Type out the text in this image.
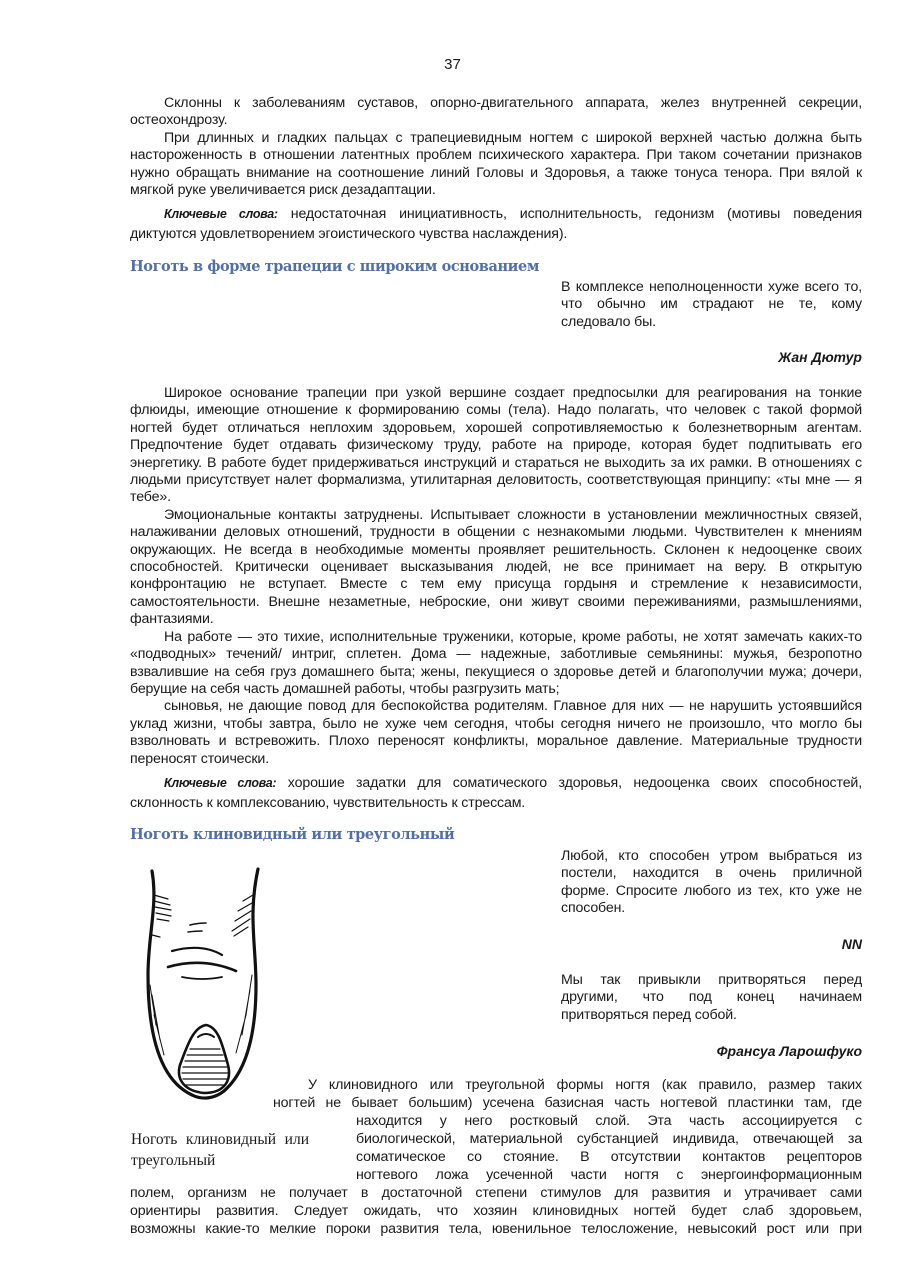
37

Склонны к заболеваниям суставов, опорно-двигательного аппарата, желез внутренней секреции, остеохондрозу.

При длинных и гладких пальцах с трапециевидным ногтем с широкой верхней частью должна быть настороженность в отношении латентных проблем психического характера. При таком сочетании признаков нужно обращать внимание на соотношение линий Головы и Здоровья, а также тонуса тенора. При вялой к мягкой руке увеличивается риск дезадаптации.

Ключевые слова: недостаточная инициативность, исполнительность, гедонизм (мотивы поведения диктуются удовлетворением эгоистического чувства наслаждения).

Ноготь в форме трапеции с широким основанием

В комплексе неполноценности хуже всего то, что обычно им страдают не те, кому следовало бы.

Жан Дютур

Широкое основание трапеции при узкой вершине создает предпосылки для реагирования на тонкие флюиды, имеющие отношение к формированию сомы (тела). Надо полагать, что человек с такой формой ногтей будет отличаться неплохим здоровьем, хорошей сопротивляемостью к болезнетворным агентам. Предпочтение будет отдавать физическому труду, работе на природе, которая будет подпитывать его энергетику. В работе будет придерживаться инструкций и стараться не выходить за их рамки. В отношениях с людьми присутствует налет формализма, утилитарная деловитость, соответствующая принципу: «ты мне — я тебе».

Эмоциональные контакты затруднены. Испытывает сложности в установлении межличностных связей, налаживании деловых отношений, трудности в общении с незнакомыми людьми. Чувствителен к мнениям окружающих. Не всегда в необходимые моменты проявляет решительность. Склонен к недооценке своих способностей. Критически оценивает высказывания людей, не все принимает на веру. В открытую конфронтацию не вступает. Вместе с тем ему присуща гордыня и стремление к независимости, самостоятельности. Внешне незаметные, неброские, они живут своими переживаниями, размышлениями, фантазиями.

На работе — это тихие, исполнительные труженики, которые, кроме работы, не хотят замечать каких-то «подводных» течений/ интриг, сплетен. Дома — надежные, заботливые семьянины: мужья, безропотно взвалившие на себя груз домашнего быта; жены, пекущиеся о здоровье детей и благополучии мужа; дочери, берущие на себя часть домашней работы, чтобы разгрузить мать;

сыновья, не дающие повод для беспокойства родителям. Главное для них — не нарушить устоявшийся уклад жизни, чтобы завтра, было не хуже чем сегодня, чтобы сегодня ничего не произошло, что могло бы взволновать и встревожить. Плохо переносят конфликты, моральное давление. Материальные трудности переносят стоически.

Ключевые слова: хорошие задатки для соматического здоровья, недооценка своих способностей, склонность к комплексованию, чувствительность к стрессам.

Ноготь клиновидный или треугольный

Любой, кто способен утром выбраться из постели, находится в очень приличной форме. Спросите любого из тех, кто уже не способен.

NN

Мы так привыкли притворяться перед другими, что под конец начинаем притворяться перед собой.

Франсуа Ларошфуко
Ноготь клиновидный или треугольный
У клиновидного или треугольной формы ногтя (как правило, размер таких
ногтей не бывает большим) усечена базисная часть ногтевой пластинки там, где
находится у него ростковый слой. Эта часть ассоциируется с
биологической, материальной субстанцией индивида, отвечающей за
соматическое со стояние. В отсутствии контактов рецепторов
ногтевого ложа усеченной части ногтя с энергоинформационным
полем, организм не получает в достаточной степени стимулов для развития и утрачивает сами
ориентиры развития. Следует ожидать, что хозяин клиновидных ногтей будет слаб здоровьем,
возможны какие-то мелкие пороки развития тела, ювенильное телосложение, невысокий рост или при
